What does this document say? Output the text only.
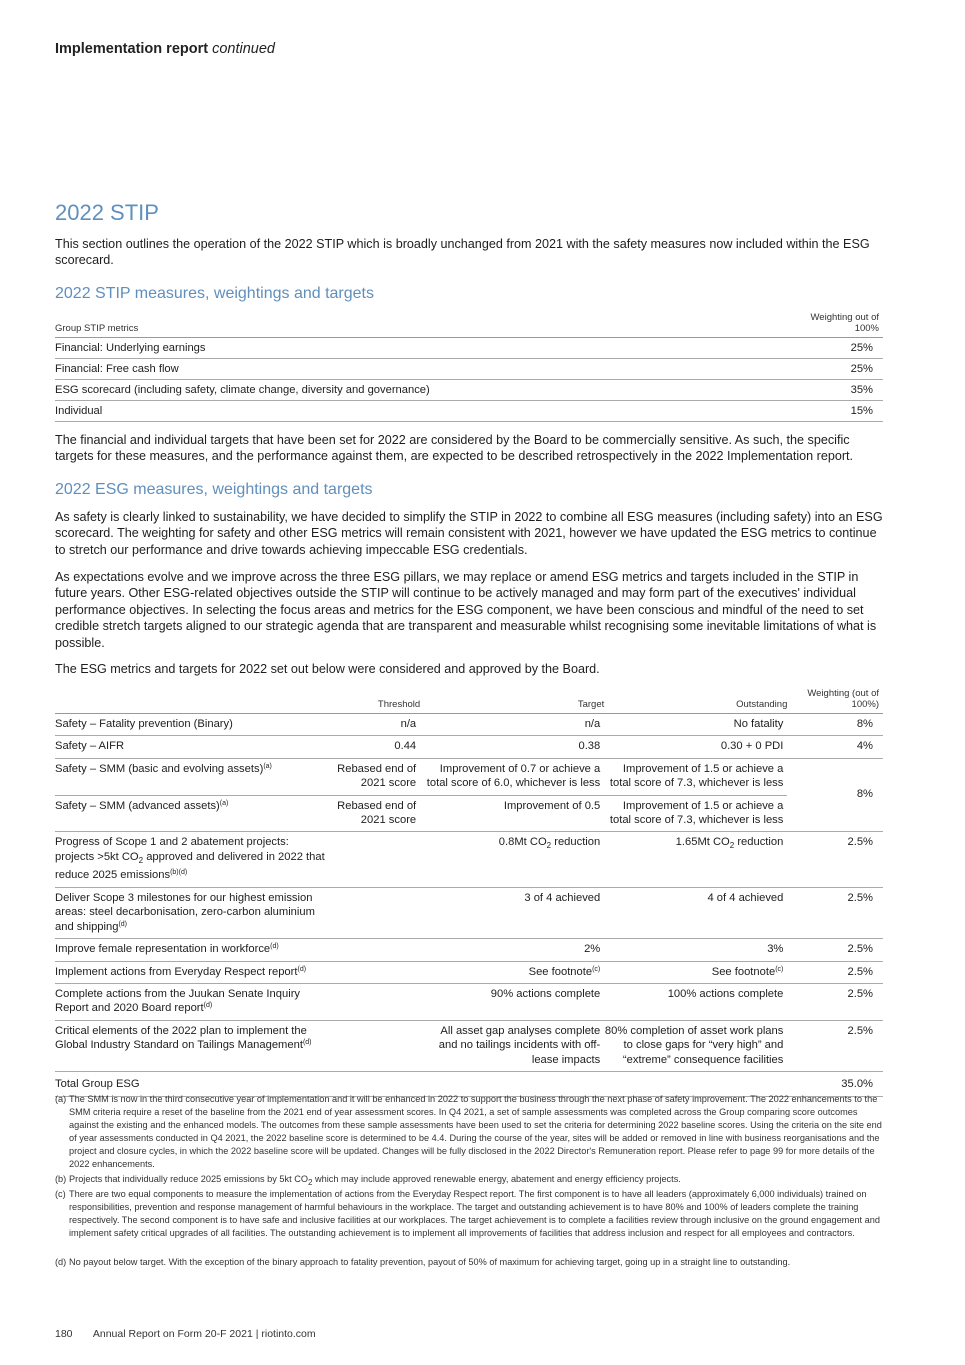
Implementation report continued
2022 STIP

This section outlines the operation of the 2022 STIP which is broadly unchanged from 2021 with the safety measures now included within the ESG scorecard.

2022 STIP measures, weightings and targets
Group STIP metrics	Weighting out of 100%
Financial: Underlying earnings	25%
Financial: Free cash flow	25%
ESG scorecard (including safety, climate change, diversity and governance)	35%
Individual	15%

The financial and individual targets that have been set for 2022 are considered by the Board to be commercially sensitive. As such, the specific targets for these measures, and the performance against them, are expected to be described retrospectively in the 2022 Implementation report.

2022 ESG measures, weightings and targets

As safety is clearly linked to sustainability, we have decided to simplify the STIP in 2022 to combine all ESG measures (including safety) into an ESG scorecard. The weighting for safety and other ESG metrics will remain consistent with 2021, however we have updated the ESG metrics to continue to stretch our performance and drive towards achieving impeccable ESG credentials.

As expectations evolve and we improve across the three ESG pillars, we may replace or amend ESG metrics and targets included in the STIP in future years. Other ESG-related objectives outside the STIP will continue to be actively managed and may form part of the executives' individual performance objectives. In selecting the focus areas and metrics for the ESG component, we have been conscious and mindful of the need to set credible stretch targets aligned to our strategic agenda that are transparent and measurable whilst recognising some inevitable limitations of what is possible.

The ESG metrics and targets for 2022 set out below were considered and approved by the Board.

	Threshold	Target	Outstanding	Weighting (out of 100%)
Safety – Fatality prevention (Binary)	n/a	n/a	No fatality	8%
Safety – AIFR	0.44	0.38	0.30 + 0 PDI	4%
Safety – SMM (basic and evolving assets)$^{(a)}$	Rebased end of 2021 score	Improvement of 0.7 or achieve a total score of 6.0, whichever is less	Improvement of 1.5 or achieve a total score of 7.3, whichever is less	8%
Safety – SMM (advanced assets)$^{(a)}$	Rebased end of 2021 score	Improvement of 0.5	Improvement of 1.5 or achieve a total score of 7.3, whichever is less	
Progress of Scope 1 and 2 abatement projects: projects >5kt $CO_2$ approved and delivered in 2022 that reduce 2025 emissions$^{(b)(d)}$		0.8Mt $CO_2$ reduction	1.65Mt $CO_2$ reduction	2.5%
Deliver Scope 3 milestones for our highest emission areas: steel decarbonisation, zero-carbon aluminium and shipping$^{(d)}$		3 of 4 achieved	4 of 4 achieved	2.5%
Improve female representation in workforce$^{(d)}$		2%	3%	2.5%
Implement actions from Everyday Respect report$^{(d)}$		See footnote$^{(c)}$	See footnote$^{(c)}$	2.5%
Complete actions from the Juukan Senate Inquiry Report and 2020 Board report$^{(d)}$		90% actions complete	100% actions complete	2.5%
Critical elements of the 2022 plan to implement the Global Industry Standard on Tailings Management$^{(d)}$		All asset gap analyses complete and no tailings incidents with off-lease impacts	80% completion of asset work plans to close gaps for “very high” and “extreme” consequence facilities	2.5%
Total Group ESG				35.0%
(a) The SMM is now in the third consecutive year of implementation and it will be enhanced in 2022 to support the business through the next phase of safety improvement. The 2022 enhancements to the SMM criteria require a reset of the baseline from the 2021 end of year assessment scores. In Q4 2021, a set of sample assessments was completed across the Group comparing score outcomes against the existing and the enhanced models. The outcomes from these sample assessments have been used to set the criteria for determining 2022 baseline scores. Using the criteria on the site end of year assessments conducted in Q4 2021, the 2022 baseline score is determined to be 4.4. During the course of the year, sites will be added or removed in line with business reorganisations and the project and closure cycles, in which the 2022 baseline score will be updated. Changes will be fully disclosed in the 2022 Director's Remuneration report. Please refer to page 99 for more details of the 2022 enhancements.
(b) Projects that individually reduce 2025 emissions by 5kt $CO_2$ which may include approved renewable energy, abatement and energy efficiency projects.
(c) There are two equal components to measure the implementation of actions from the Everyday Respect report. The first component is to have all leaders (approximately 6,000 individuals) trained on responsibilities, prevention and response management of harmful behaviours in the workplace. The target and outstanding achievement is to have 80% and 100% of leaders complete the training respectively. The second component is to have safe and inclusive facilities at our workplaces. The target achievement is to complete a facilities review through inclusive on the ground engagement and implement safety critical upgrades of all facilities. The outstanding achievement is to implement all improvements of facilities that address inclusion and respect for all employees and contractors.
(d) No payout below target. With the exception of the binary approach to fatality prevention, payout of 50% of maximum for achieving target, going up in a straight line to outstanding.
180 Annual Report on Form 20-F 2021 | riotinto.com
